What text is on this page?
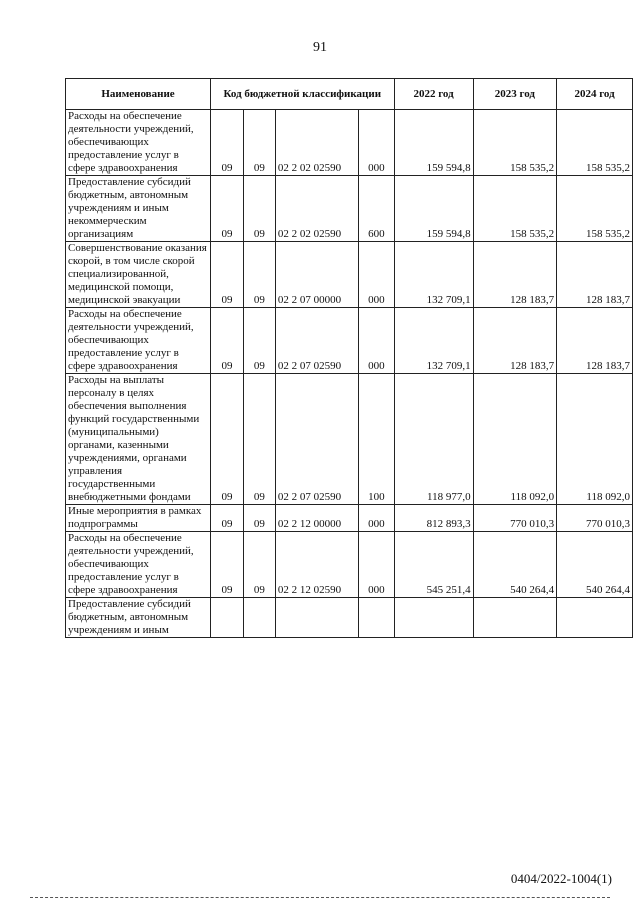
91
Наименование	Код бюджетной классификации				2022 год	2023 год	2024 год
Расходы на обеспечение деятельности учреждений, обеспечивающих предоставление услуг в сфере здравоохранения	09	09	02 2 02 02590	000	159 594,8	158 535,2	158 535,2
Предоставление субсидий бюджетным, автономным учреждениям и иным некоммерческим организациям	09	09	02 2 02 02590	600	159 594,8	158 535,2	158 535,2
Совершенствование оказания скорой, в том числе скорой специализированной, медицинской помощи, медицинской эвакуации	09	09	02 2 07 00000	000	132 709,1	128 183,7	128 183,7
Расходы на обеспечение деятельности учреждений, обеспечивающих предоставление услуг в сфере здравоохранения	09	09	02 2 07 02590	000	132 709,1	128 183,7	128 183,7
Расходы на выплаты персоналу в целях обеспечения выполнения функций государственными (муниципальными) органами, казенными учреждениями, органами управления государственными внебюджетными фондами	09	09	02 2 07 02590	100	118 977,0	118 092,0	118 092,0
Иные мероприятия в рамках подпрограммы	09	09	02 2 12 00000	000	812 893,3	770 010,3	770 010,3
Расходы на обеспечение деятельности учреждений, обеспечивающих предоставление услуг в сфере здравоохранения	09	09	02 2 12 02590	000	545 251,4	540 264,4	540 264,4
Предоставление субсидий бюджетным, автономным учреждениям и иным							
0404/2022-1004(1)
